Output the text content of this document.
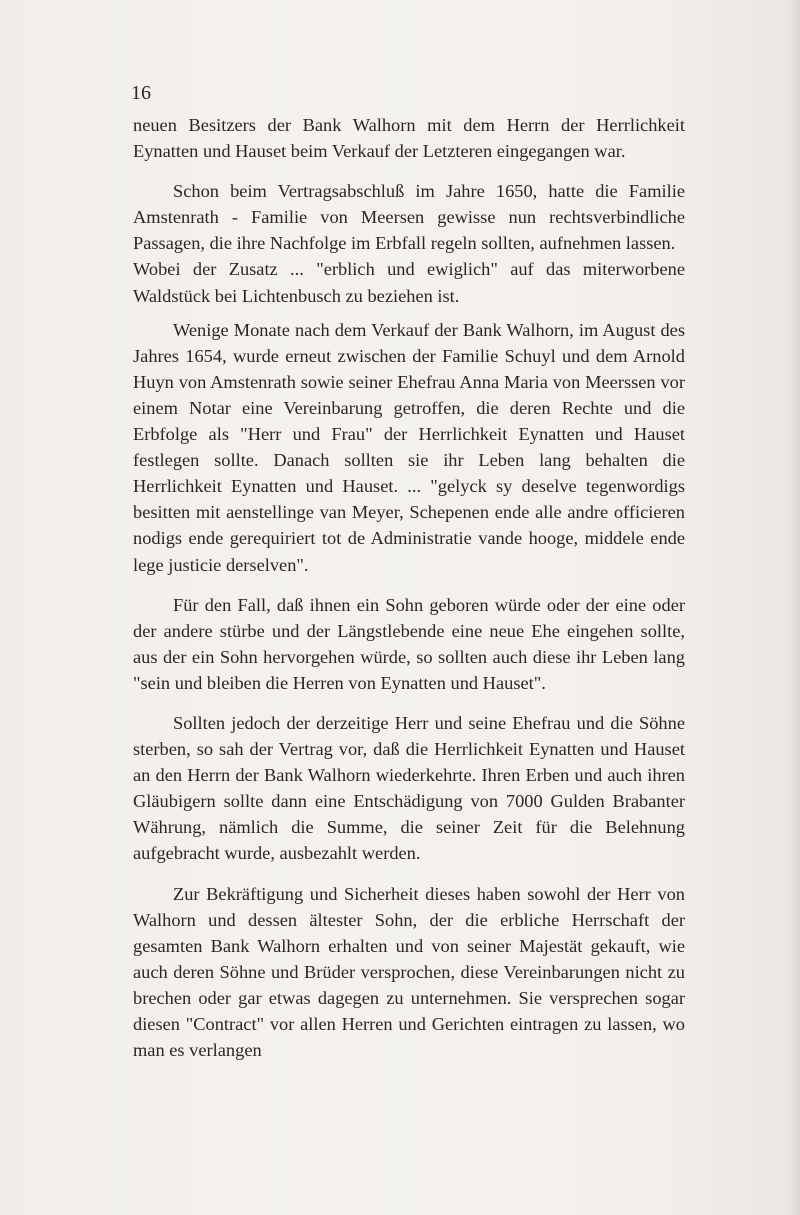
16

neuen Besitzers der Bank Walhorn mit dem Herrn der Herrlichkeit Eynatten und Hauset beim Verkauf der Letzteren eingegangen war.

Schon beim Vertragsabschluß im Jahre 1650, hatte die Familie Amstenrath - Familie von Meersen gewisse nun rechtsverbindliche Passagen, die ihre Nachfolge im Erbfall regeln sollten, aufnehmen lassen.

Wobei der Zusatz ... "erblich und ewiglich" auf das miterworbene Waldstück bei Lichtenbusch zu beziehen ist.

Wenige Monate nach dem Verkauf der Bank Walhorn, im August des Jahres 1654, wurde erneut zwischen der Familie Schuyl und dem Arnold Huyn von Amstenrath sowie seiner Ehefrau Anna Maria von Meerssen vor einem Notar eine Vereinbarung getroffen, die deren Rechte und die Erbfolge als "Herr und Frau" der Herrlichkeit Eynatten und Hauset festlegen sollte. Danach sollten sie ihr Leben lang behalten die Herrlichkeit Eynatten und Hauset. ... "gelyck sy deselve tegenwordigs besitten mit aenstellinge van Meyer, Schepenen ende alle andre officieren nodigs ende gerequiriert tot de Administratie vande hooge, middele ende lege justicie derselven".

Für den Fall, daß ihnen ein Sohn geboren würde oder der eine oder der andere stürbe und der Längstlebende eine neue Ehe eingehen sollte, aus der ein Sohn hervorgehen würde, so sollten auch diese ihr Leben lang "sein und bleiben die Herren von Eynatten und Hauset".

Sollten jedoch der derzeitige Herr und seine Ehefrau und die Söhne sterben, so sah der Vertrag vor, daß die Herrlichkeit Eynatten und Hauset an den Herrn der Bank Walhorn wiederkehrte. Ihren Erben und auch ihren Gläubigern sollte dann eine Entschädigung von 7000 Gulden Brabanter Währung, nämlich die Summe, die seiner Zeit für die Belehnung aufgebracht wurde, ausbezahlt werden.

Zur Bekräftigung und Sicherheit dieses haben sowohl der Herr von Walhorn und dessen ältester Sohn, der die erbliche Herrschaft der gesamten Bank Walhorn erhalten und von seiner Majestät gekauft, wie auch deren Söhne und Brüder versprochen, diese Vereinbarungen nicht zu brechen oder gar etwas dagegen zu unternehmen. Sie versprechen sogar diesen "Contract" vor allen Herren und Gerichten eintragen zu lassen, wo man es verlangen
